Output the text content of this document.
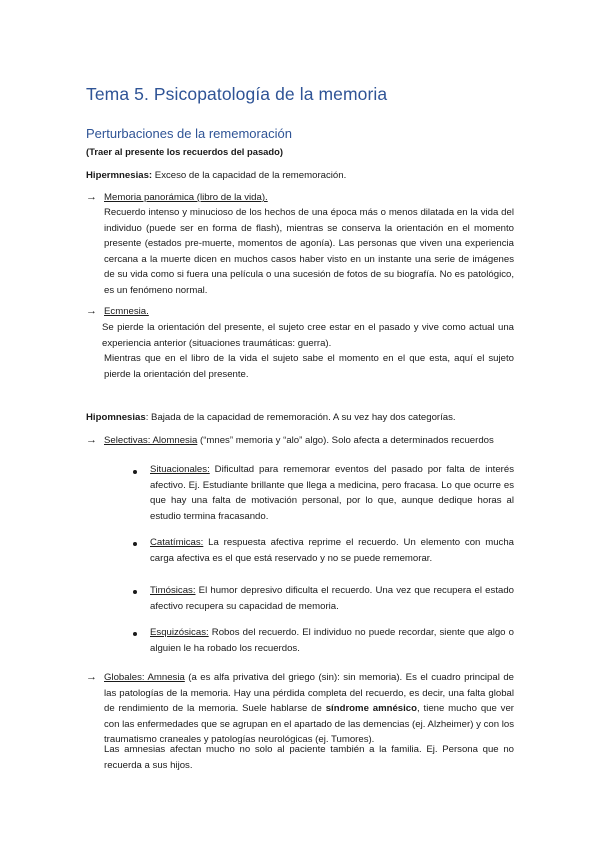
Tema 5. Psicopatología de la memoria
Perturbaciones de la rememoración
(Traer al presente los recuerdos del pasado)
Hipermnesias: Exceso de la capacidad de la rememoración.
→ Memoria panorámica (libro de la vida).
Recuerdo intenso y minucioso de los hechos de una época más o menos dilatada en la vida del individuo (puede ser en forma de flash), mientras se conserva la orientación en el momento presente (estados pre-muerte, momentos de agonía). Las personas que viven una experiencia cercana a la muerte dicen en muchos casos haber visto en un instante una serie de imágenes de su vida como si fuera una película o una sucesión de fotos de su biografía. No es patológico, es un fenómeno normal.
→ Ecmnesia.
Se pierde la orientación del presente, el sujeto cree estar en el pasado y vive como actual una experiencia anterior (situaciones traumáticas: guerra).
Mientras que en el libro de la vida el sujeto sabe el momento en el que esta, aquí el sujeto pierde la orientación del presente.
Hipomnesias: Bajada de la capacidad de rememoración. A su vez hay dos categorías.
→ Selectivas: Alomnesia (“mnes” memoria y “alo” algo). Solo afecta a determinados recuerdos
Situacionales: Dificultad para rememorar eventos del pasado por falta de interés afectivo. Ej. Estudiante brillante que llega a medicina, pero fracasa. Lo que ocurre es que hay una falta de motivación personal, por lo que, aunque dedique horas al estudio termina fracasando.
Catatímicas: La respuesta afectiva reprime el recuerdo. Un elemento con mucha carga afectiva es el que está reservado y no se puede rememorar.
Timósicas: El humor depresivo dificulta el recuerdo. Una vez que recupera el estado afectivo recupera su capacidad de memoria.
Esquizósicas: Robos del recuerdo. El individuo no puede recordar, siente que algo o alguien le ha robado los recuerdos.
→ Globales: Amnesia (a es alfa privativa del griego (sin): sin memoria). Es el cuadro principal de las patologías de la memoria. Hay una pérdida completa del recuerdo, es decir, una falta global de rendimiento de la memoria. Suele hablarse de síndrome amnésico, tiene mucho que ver con las enfermedades que se agrupan en el apartado de las demencias (ej. Alzheimer) y con los traumatismo craneales y patologías neurológicas (ej. Tumores).
Las amnesias afectan mucho no solo al paciente también a la familia. Ej. Persona que no recuerda a sus hijos.
